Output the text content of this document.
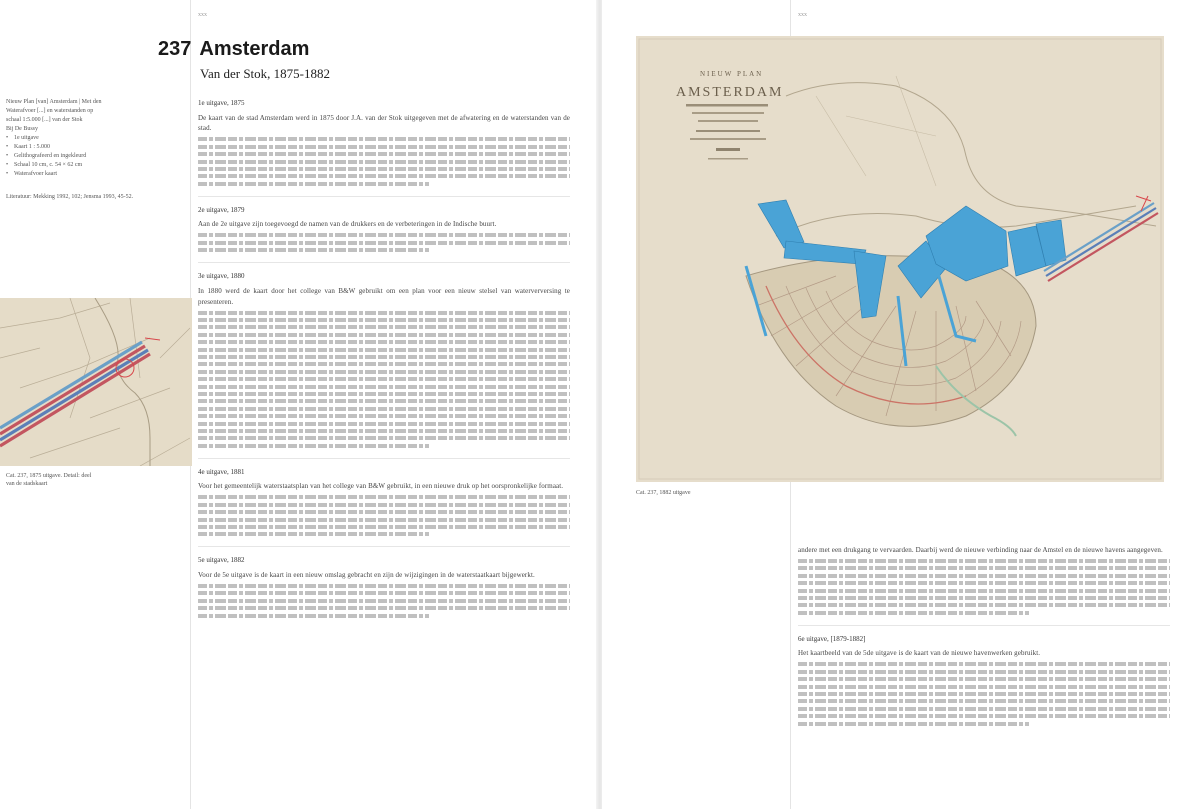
xxx
237 Amsterdam
Van der Stok, 1875-1882
Nieuw Plan [van] Amsterdam | Met den
Waterafvoer [...] en waterstanden op
schaal 1:5.000 [...] van der Stok
Bij De Bussy
• 1e uitgave
• Kaart 1 : 5.000
• Gelithografeerd en ingekleurd
• Schaal 10 cm, c. 54 × 62 cm
• Waterafvoer kaart
Literatuur: Mekking 1992, 102; Jensma 1993, 45-52.
Cat. 237, 1875 uitgave. Detail: deel van de stadskaart
1e uitgave, 1875
De kaart van de stad Amsterdam werd in 1875 door J.A. van der Stok uitgegeven met de afwatering en de waterstanden van de stad.
2e uitgave, 1879
Aan de 2e uitgave zijn toegevoegd de namen van de drukkers en de verbeteringen in de Indische buurt.
3e uitgave, 1880
In 1880 werd de kaart door het college van B&W gebruikt om een plan voor een nieuw stelsel van waterverversing te presenteren.
4e uitgave, 1881
Voor het gemeentelijk waterstaatsplan van het college van B&W gebruikt, in een nieuwe druk op het oorspronkelijke formaat.
5e uitgave, 1882
Voor de 5e uitgave is de kaart in een nieuw omslag gebracht en zijn de wijzigingen in de waterstaatkaart bijgewerkt.
xxx
NIEUW PLAN
AMSTERDAM
Cat. 237, 1882 uitgave
andere met een drukgang te vervaarden. Daarbij werd de nieuwe verbinding naar de Amstel en de nieuwe havens aangegeven.
6e uitgave, [1879-1882]
Het kaartbeeld van de 5de uitgave is de kaart van de nieuwe havenwerken gebruikt.
